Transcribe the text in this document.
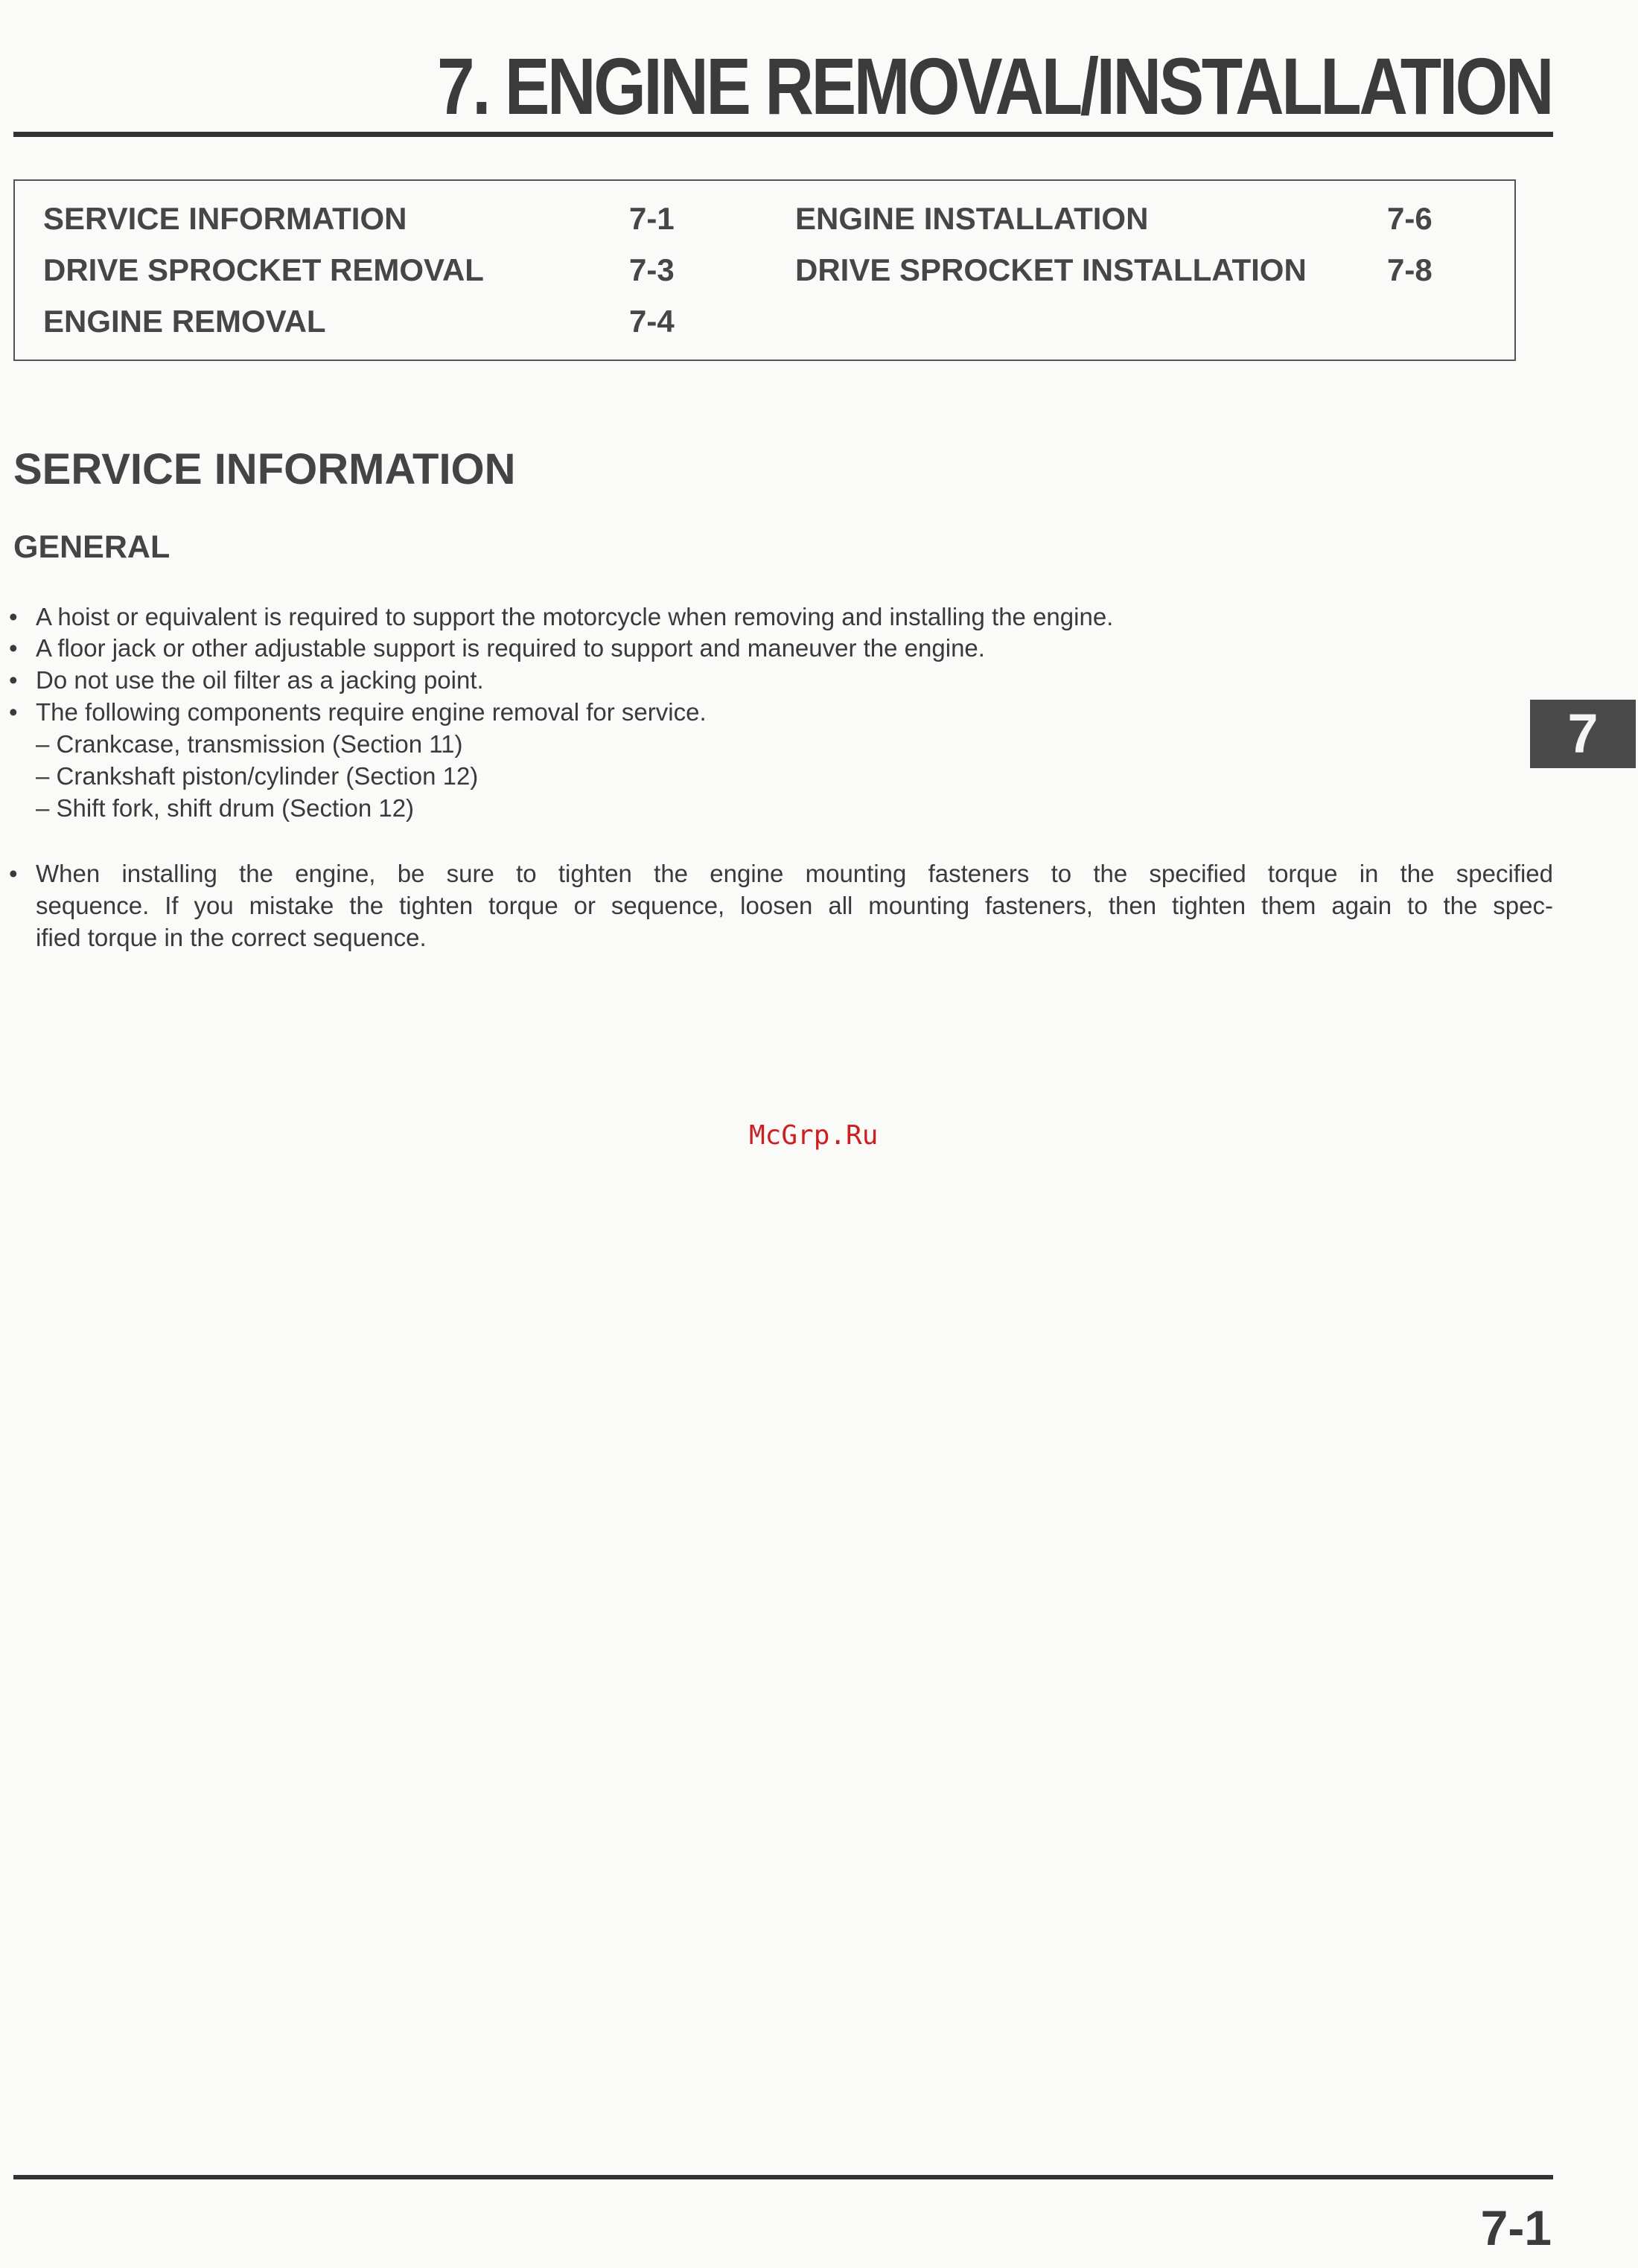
7. ENGINE REMOVAL/INSTALLATION
SERVICE INFORMATION	7-1
DRIVE SPROCKET REMOVAL	7-3
ENGINE REMOVAL	7-4
ENGINE INSTALLATION	7-6
DRIVE SPROCKET INSTALLATION	7-8
SERVICE INFORMATION
GENERAL
• A hoist or equivalent is required to support the motorcycle when removing and installing the engine.
• A floor jack or other adjustable support is required to support and maneuver the engine.
• Do not use the oil filter as a jacking point.
• The following components require engine removal for service.
– Crankcase, transmission (Section 11)
– Crankshaft piston/cylinder (Section 12)
– Shift fork, shift drum (Section 12)
• When installing the engine, be sure to tighten the engine mounting fasteners to the specified torque in the specified
sequence. If you mistake the tighten torque or sequence, loosen all mounting fasteners, then tighten them again to the spec-
ified torque in the correct sequence.
7
McGrp.Ru
7-1
